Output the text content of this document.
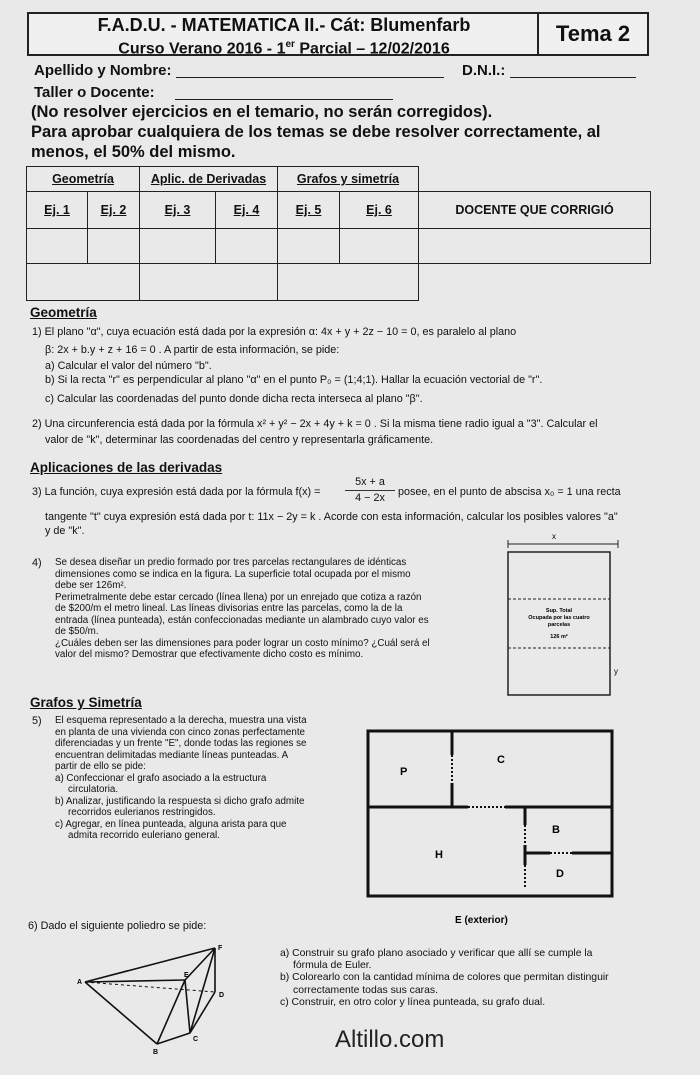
F.A.D.U. - MATEMATICA II.- Cát: Blumenfarb
Curso Verano 2016 - 1er Parcial – 12/02/2016
Tema 2
Apellido y Nombre:	D.N.I.:
Taller o Docente:
(No resolver ejercicios en el temario, no serán corregidos).
Para aprobar cualquiera de los temas se debe resolver correctamente, al
menos, el 50% del mismo.
Geometría		Aplic. de Derivadas		Grafos y simetría		
Ej. 1	Ej. 2	Ej. 3	Ej. 4	Ej. 5	Ej. 6	DOCENTE QUE CORRIGIÓ

Geometría
1) El plano "α", cuya ecuación está dada por la expresión α: 4x + y + 2z − 10 = 0, es paralelo al plano
β: 2x + b.y + z + 16 = 0 . A partir de esta información, se pide:
a) Calcular el valor del número "b".
b) Si la recta "r" es perpendicular al plano "α" en el punto P₀ = (1;4;1). Hallar la ecuación vectorial de "r".
c) Calcular las coordenadas del punto donde dicha recta interseca al plano "β".
2) Una circunferencia está dada por la fórmula x² + y² − 2x + 4y + k = 0 . Si la misma tiene radio igual a "3". Calcular el
valor de "k", determinar las coordenadas del centro y representarla gráficamente.
Aplicaciones de las derivadas
3) La función, cuya expresión está dada por la fórmula f(x) =
5x + a
4 − 2x	posee, en el punto de abscisa x₀ = 1 una recta
tangente "t" cuya expresión está dada por t: 11x − 2y = k . Acorde con esta información, calcular los posibles valores "a"
y de "k".
4) Se desea diseñar un predio formado por tres parcelas rectangulares de idénticas
dimensiones como se indica en la figura. La superficie total ocupada por el mismo
debe ser 126m².
Perimetralmente debe estar cercado (línea llena) por un enrejado que cotiza a razón
de $200/m el metro lineal. Las líneas divisorias entre las parcelas, como la de la
entrada (línea punteada), están confeccionadas mediante un alambrado cuyo valor es
de $50/m.
¿Cuáles deben ser las dimensiones para poder lograr un costo mínimo? ¿Cuál será el
valor del mismo? Demostrar que efectivamente dicho costo es mínimo.
x
y
Sup. Total
Ocupada por las cuatro
parcelas
126 m²
Grafos y Simetría
5) El esquema representado a la derecha, muestra una vista
en planta de una vivienda con cinco zonas perfectamente
diferenciadas y un frente "E", donde todas las regiones se
encuentran delimitadas mediante líneas punteadas. A
partir de ello se pide:
a) Confeccionar el grafo asociado a la estructura
circulatoria.
b) Analizar, justificando la respuesta si dicho grafo admite
recorridos eulerianos restringidos.
c) Agregar, en línea punteada, alguna arista para que
admita recorrido euleriano general.
P
C
B
H
D
E (exterior)
6) Dado el siguiente poliedro se pide:
F
A
E
D
C
B
a) Construir su grafo plano asociado y verificar que allí se cumple la
fórmula de Euler.
b) Colorearlo con la cantidad mínima de colores que permitan distinguir
correctamente todas sus caras.
c) Construir, en otro color y línea punteada, su grafo dual.
Altillo.com
